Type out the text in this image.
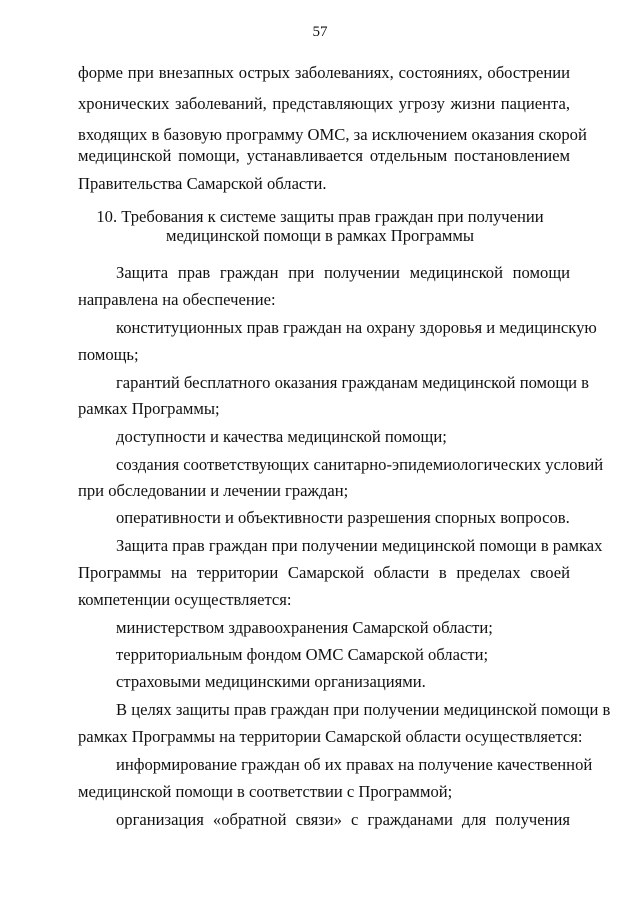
57
форме при внезапных острых заболеваниях, состояниях, обострении
хронических заболеваний, представляющих угрозу жизни пациента,
входящих в базовую программу ОМС, за исключением оказания скорой
медицинской помощи, устанавливается отдельным постановлением
Правительства Самарской области.
10. Требования к системе защиты прав граждан при получении
медицинской помощи в рамках Программы
Защита прав граждан при получении медицинской помощи
направлена на обеспечение:
конституционных прав граждан на охрану здоровья и медицинскую
помощь;
гарантий бесплатного оказания гражданам медицинской помощи в
рамках Программы;
доступности и качества медицинской помощи;
создания соответствующих санитарно-эпидемиологических условий
при обследовании и лечении граждан;
оперативности и объективности разрешения спорных вопросов.
Защита прав граждан при получении медицинской помощи в рамках
Программы на территории Самарской области в пределах своей
компетенции осуществляется:
министерством здравоохранения Самарской области;
территориальным фондом ОМС Самарской области;
страховыми медицинскими организациями.
В целях защиты прав граждан при получении медицинской помощи в
рамках Программы на территории Самарской области осуществляется:
информирование граждан об их правах на получение качественной
медицинской помощи в соответствии с Программой;
организация «обратной связи» с гражданами для получения
